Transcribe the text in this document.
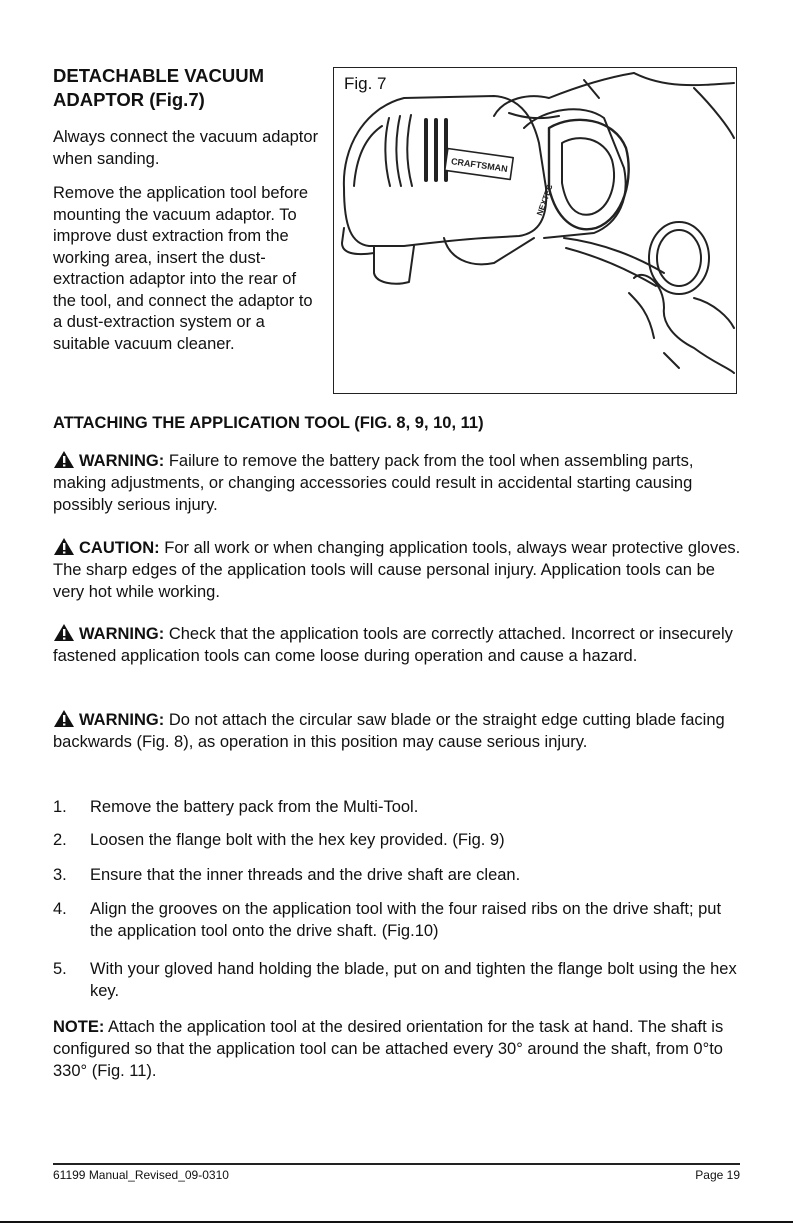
DETACHABLE VACUUM ADAPTOR (Fig.7)

Always connect the vacuum adaptor when sanding.

Remove the application tool before mounting the vacuum adaptor. To improve dust extraction from the working area, insert the dust-extraction adaptor into the rear of the tool, and connect the adaptor to a dust-extraction system or a suitable vacuum cleaner.

Fig. 7
CRAFTSMAN
NEXTEC
ATTACHING THE APPLICATION TOOL (FIG. 8, 9, 10, 11)

WARNING: Failure to remove the battery pack from the tool when assembling parts, making adjustments, or changing accessories could result in accidental starting causing possibly serious injury.

CAUTION: For all work or when changing application tools, always wear protective gloves. The sharp edges of the application tools will cause personal injury. Application tools can be very hot while working.

WARNING: Check that the application tools are correctly attached. Incorrect or insecurely fastened application tools can come loose during operation and cause a hazard.

WARNING: Do not attach the circular saw blade or the straight edge cutting blade facing backwards (Fig. 8), as operation in this position may cause serious injury.

1. Remove the battery pack from the Multi-Tool.
2. Loosen the flange bolt with the hex key provided. (Fig. 9)
3. Ensure that the inner threads and the drive shaft are clean.
4. Align the grooves on the application tool with the four raised ribs on the drive shaft; put the application tool onto the drive shaft. (Fig.10)
5. With your gloved hand holding the blade, put on and tighten the flange bolt using the hex key.

NOTE: Attach the application tool at the desired orientation for the task at hand. The shaft is configured so that the application tool can be attached every 30° around the shaft, from 0°to 330° (Fig. 11).

61199 Manual_Revised_09-0310	Page 19
